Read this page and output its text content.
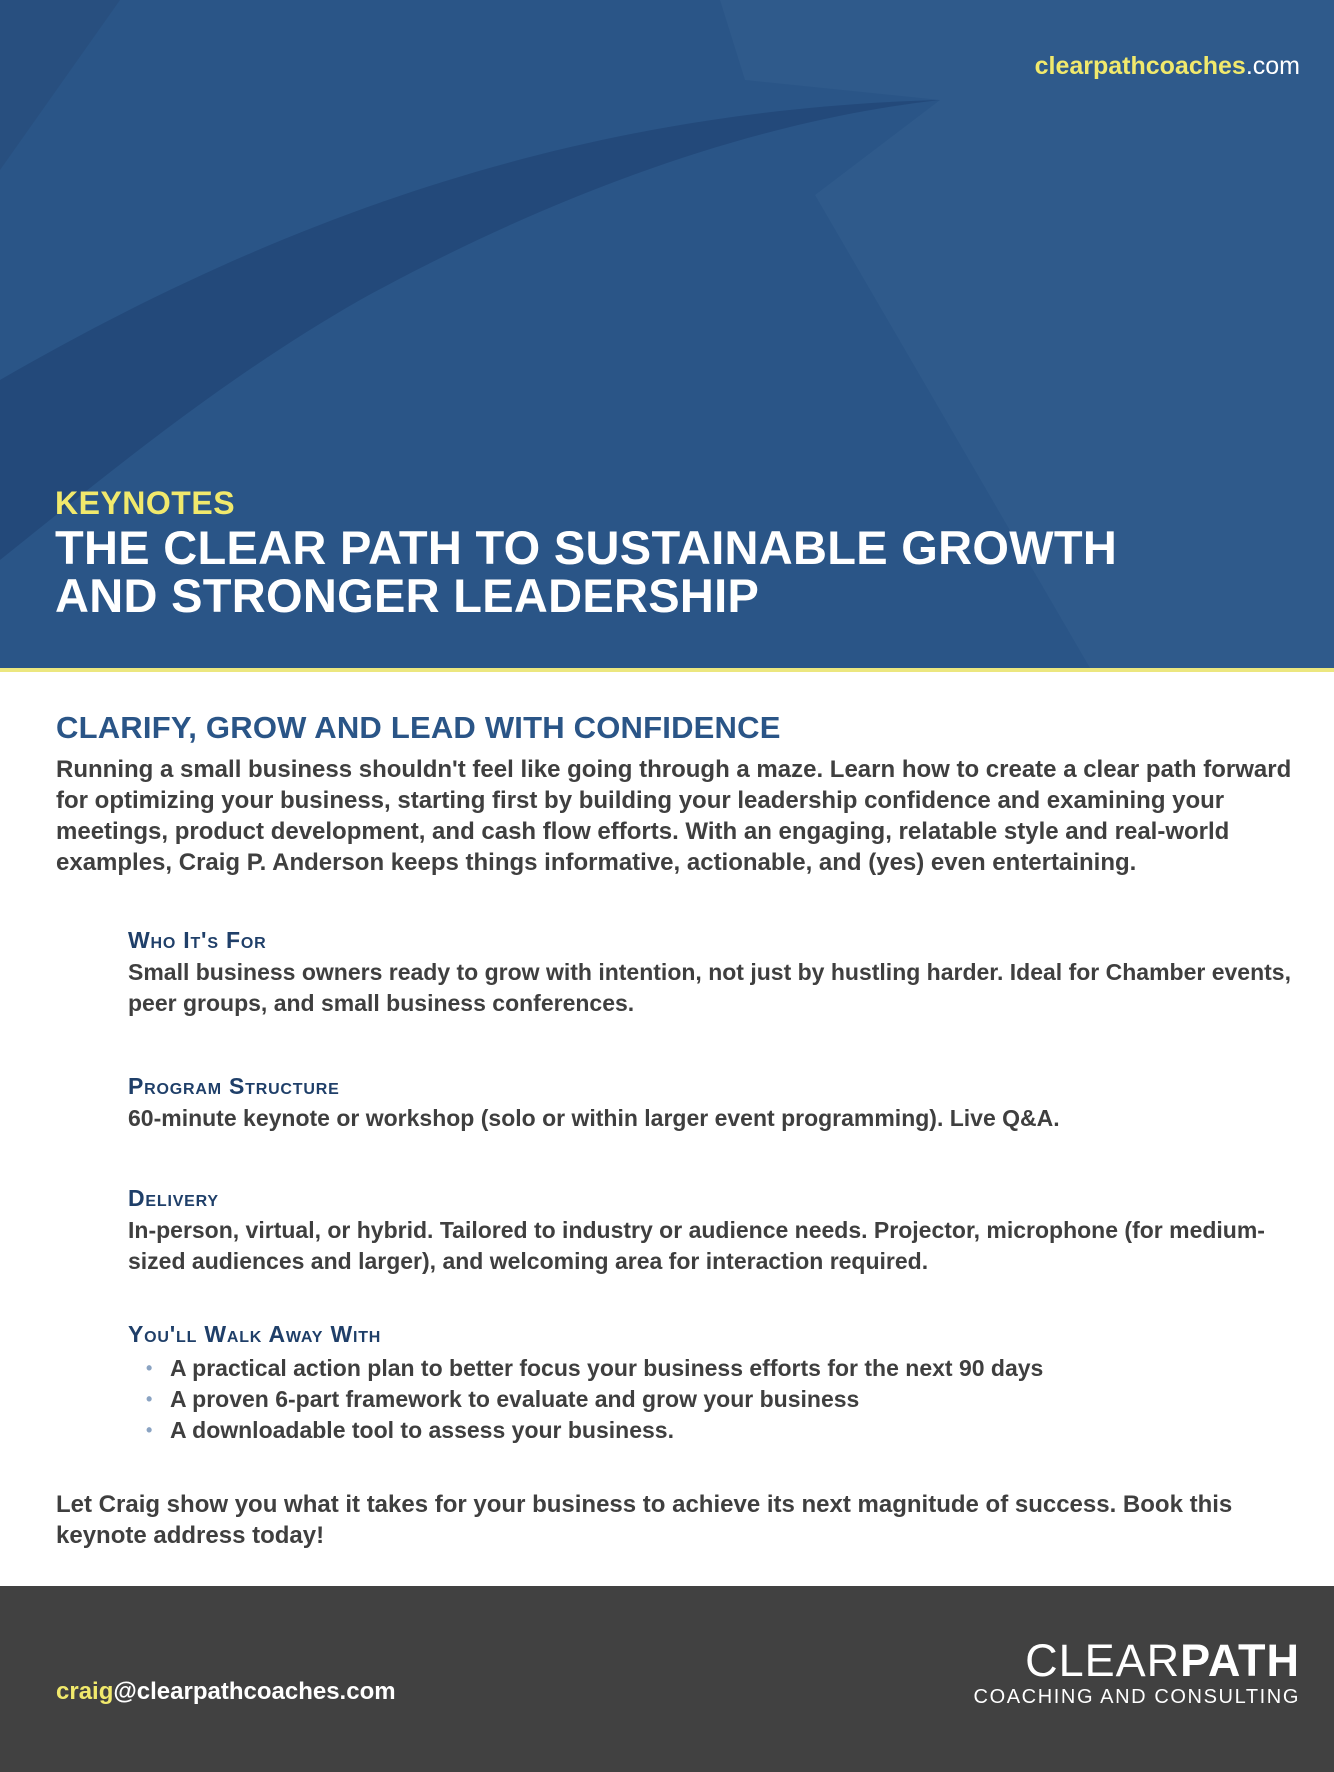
clearpathcoaches.com
KEYNOTES
THE CLEAR PATH TO SUSTAINABLE GROWTH
AND STRONGER LEADERSHIP
CLARIFY, GROW AND LEAD WITH CONFIDENCE

Running a small business shouldn't feel like going through a maze. Learn how to create a clear path forward for optimizing your business, starting first by building your leadership confidence and examining your meetings, product development, and cash flow efforts. With an engaging, relatable style and real-world examples, Craig P. Anderson keeps things informative, actionable, and (yes) even entertaining.

Who It's For

Small business owners ready to grow with intention, not just by hustling harder. Ideal for Chamber events, peer groups, and small business conferences.

Program Structure

60-minute keynote or workshop (solo or within larger event programming). Live Q&A.

Delivery

In-person, virtual, or hybrid. Tailored to industry or audience needs. Projector, microphone (for medium-sized audiences and larger), and welcoming area for interaction required.

You'll Walk Away With
• A practical action plan to better focus your business efforts for the next 90 days
• A proven 6-part framework to evaluate and grow your business
• A downloadable tool to assess your business.

Let Craig show you what it takes for your business to achieve its next magnitude of success. Book this keynote address today!

craig@clearpathcoaches.com
CLEARPATH
COACHING AND CONSULTING
